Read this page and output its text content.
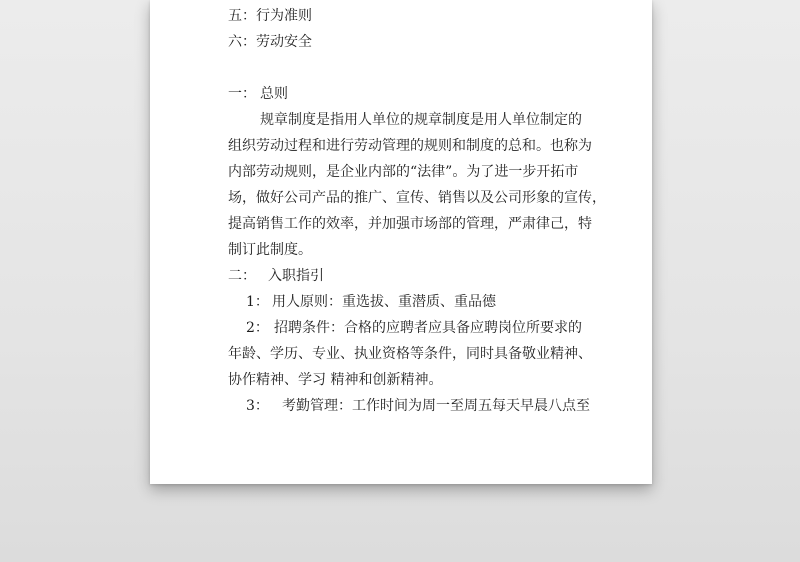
五：行为准则
六：劳动安全
一： 总则
规章制度是指用人单位的规章制度是用人单位制定的
组织劳动过程和进行劳动管理的规则和制度的总和。也称为
内部劳动规则，是企业内部的“法律”。为了进一步开拓市
场，做好公司产品的推广、宣传、销售以及公司形象的宣传，
提高销售工作的效率，并加强市场部的管理，严肃律己，特
制订此制度。
二： 入职指引
1： 用人原则：重选拔、重潜质、重品德
2： 招聘条件：合格的应聘者应具备应聘岗位所要求的
年龄、学历、专业、执业资格等条件，同时具备敬业精神、
协作精神、学习 精神和创新精神。
3： 考勤管理：工作时间为周一至周五每天早晨八点至
